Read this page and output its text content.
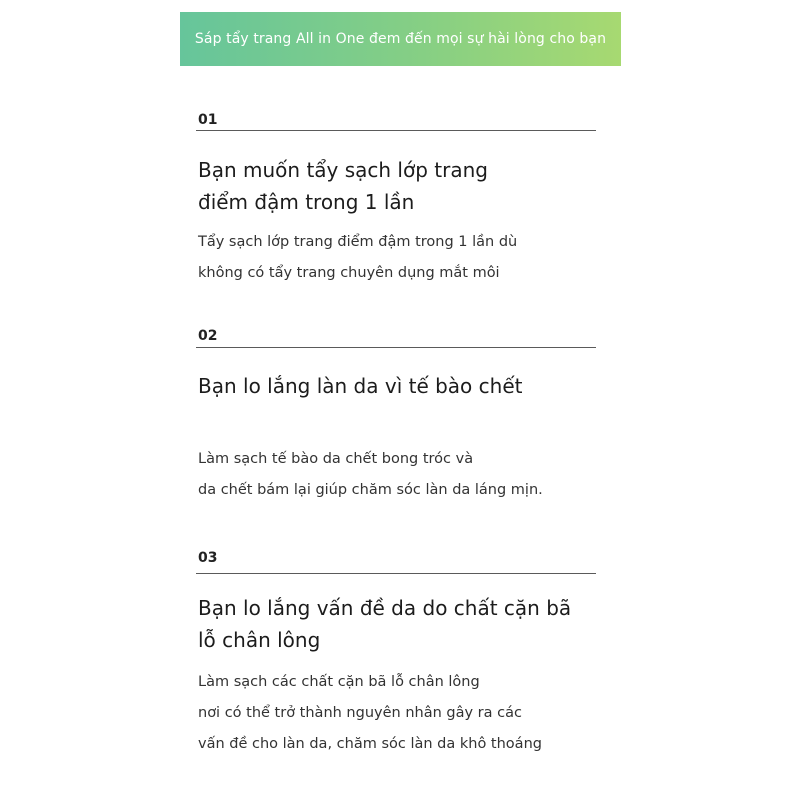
Sáp tẩy trang All in One đem đến mọi sự hài lòng cho bạn
01
Bạn muốn tẩy sạch lớp trang
điểm đậm trong 1 lần
Tẩy sạch lớp trang điểm đậm trong 1 lần dù
không có tẩy trang chuyên dụng mắt môi
02
Bạn lo lắng làn da vì tế bào chết
Làm sạch tế bào da chết bong tróc và
da chết bám lại giúp chăm sóc làn da láng mịn.
03
Bạn lo lắng vấn đề da do chất cặn bã
lỗ chân lông
Làm sạch các chất cặn bã lỗ chân lông
nơi có thể trở thành nguyên nhân gây ra các
vấn đề cho làn da, chăm sóc làn da khô thoáng
